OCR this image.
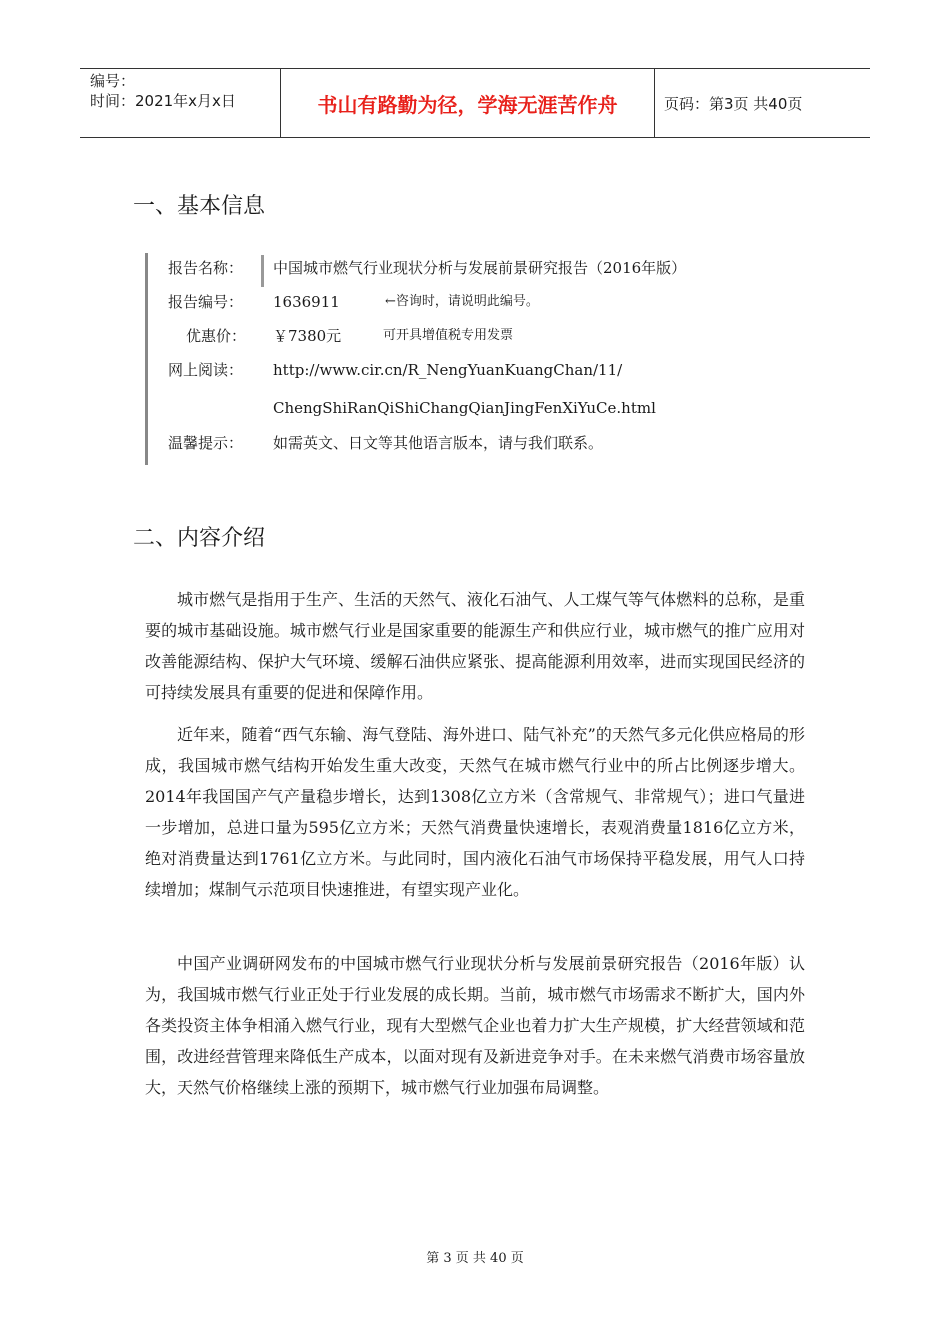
编号：
时间：2021年x月x日	书山有路勤为径，学海无涯苦作舟	页码：第3页 共40页
一、基本信息
报告名称：	中国城市燃气行业现状分析与发展前景研究报告（2016年版）
报告编号：	1636911	←咨询时，请说明此编号。
优惠价：	￥7380元	可开具增值税专用发票
网上阅读：	http://www.cir.cn/R_NengYuanKuangChan/11/
ChengShiRanQiShiChangQianJingFenXiYuCe.html
温馨提示：	如需英文、日文等其他语言版本，请与我们联系。
二、内容介绍

城市燃气是指用于生产、生活的天然气、液化石油气、人工煤气等气体燃料的总称，是重要的城市基础设施。城市燃气行业是国家重要的能源生产和供应行业，城市燃气的推广应用对改善能源结构、保护大气环境、缓解石油供应紧张、提高能源利用效率，进而实现国民经济的可持续发展具有重要的促进和保障作用。

近年来，随着“西气东输、海气登陆、海外进口、陆气补充”的天然气多元化供应格局的形成，我国城市燃气结构开始发生重大改变，天然气在城市燃气行业中的所占比例逐步增大。2014年我国国产气产量稳步增长，达到1308亿立方米（含常规气、非常规气）；进口气量进一步增加，总进口量为595亿立方米；天然气消费量快速增长，表观消费量1816亿立方米，绝对消费量达到1761亿立方米。与此同时，国内液化石油气市场保持平稳发展，用气人口持续增加；煤制气示范项目快速推进，有望实现产业化。

中国产业调研网发布的中国城市燃气行业现状分析与发展前景研究报告（2016年版）认为，我国城市燃气行业正处于行业发展的成长期。当前，城市燃气市场需求不断扩大，国内外各类投资主体争相涌入燃气行业，现有大型燃气企业也着力扩大生产规模，扩大经营领域和范围，改进经营管理来降低生产成本，以面对现有及新进竞争对手。在未来燃气消费市场容量放大，天然气价格继续上涨的预期下，城市燃气行业加强布局调整。

第 3 页 共 40 页
